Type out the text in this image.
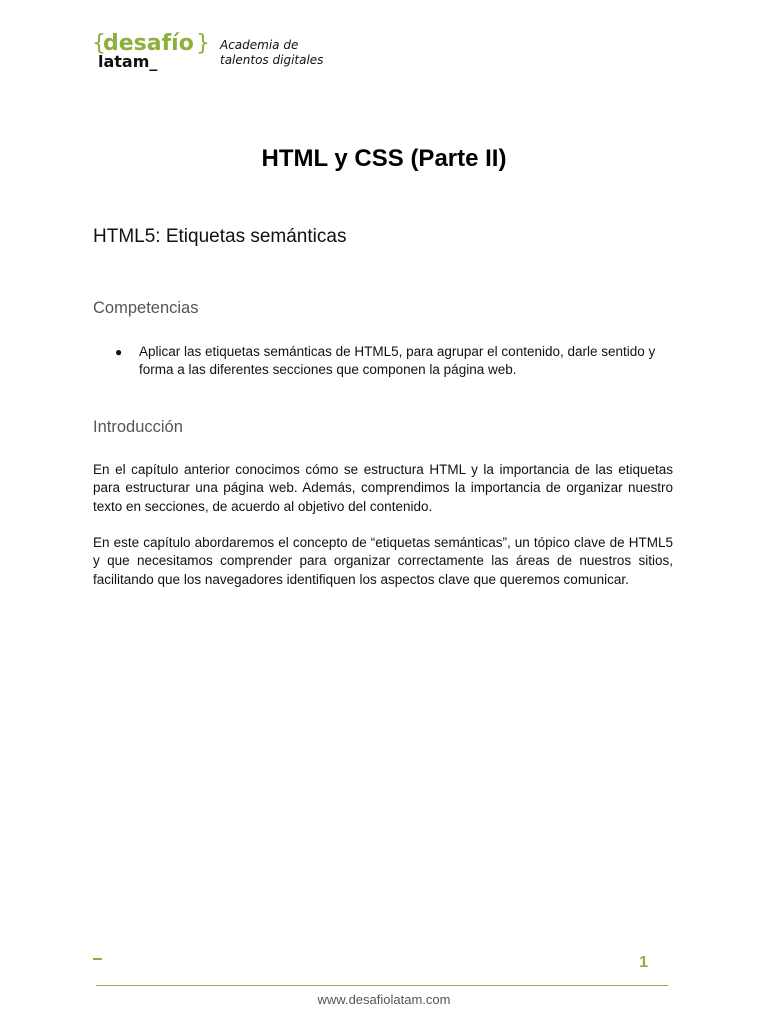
{
desafío }
latam_
Academia de
talentos digitales
HTML y CSS (Parte II)
HTML5: Etiquetas semánticas
Competencias
● Aplicar las etiquetas semánticas de HTML5, para agrupar el contenido, darle sentido y forma a las diferentes secciones que componen la página web.
Introducción

En el capítulo anterior conocimos cómo se estructura HTML y la importancia de las etiquetas para estructurar una página web. Además, comprendimos la importancia de organizar nuestro texto en secciones, de acuerdo al objetivo del contenido.

En este capítulo abordaremos el concepto de “etiquetas semánticas”, un tópico clave de HTML5 y que necesitamos comprender para organizar correctamente las áreas de nuestros sitios, facilitando que los navegadores identifiquen los aspectos clave que queremos comunicar.

1
www.desafiolatam.com
